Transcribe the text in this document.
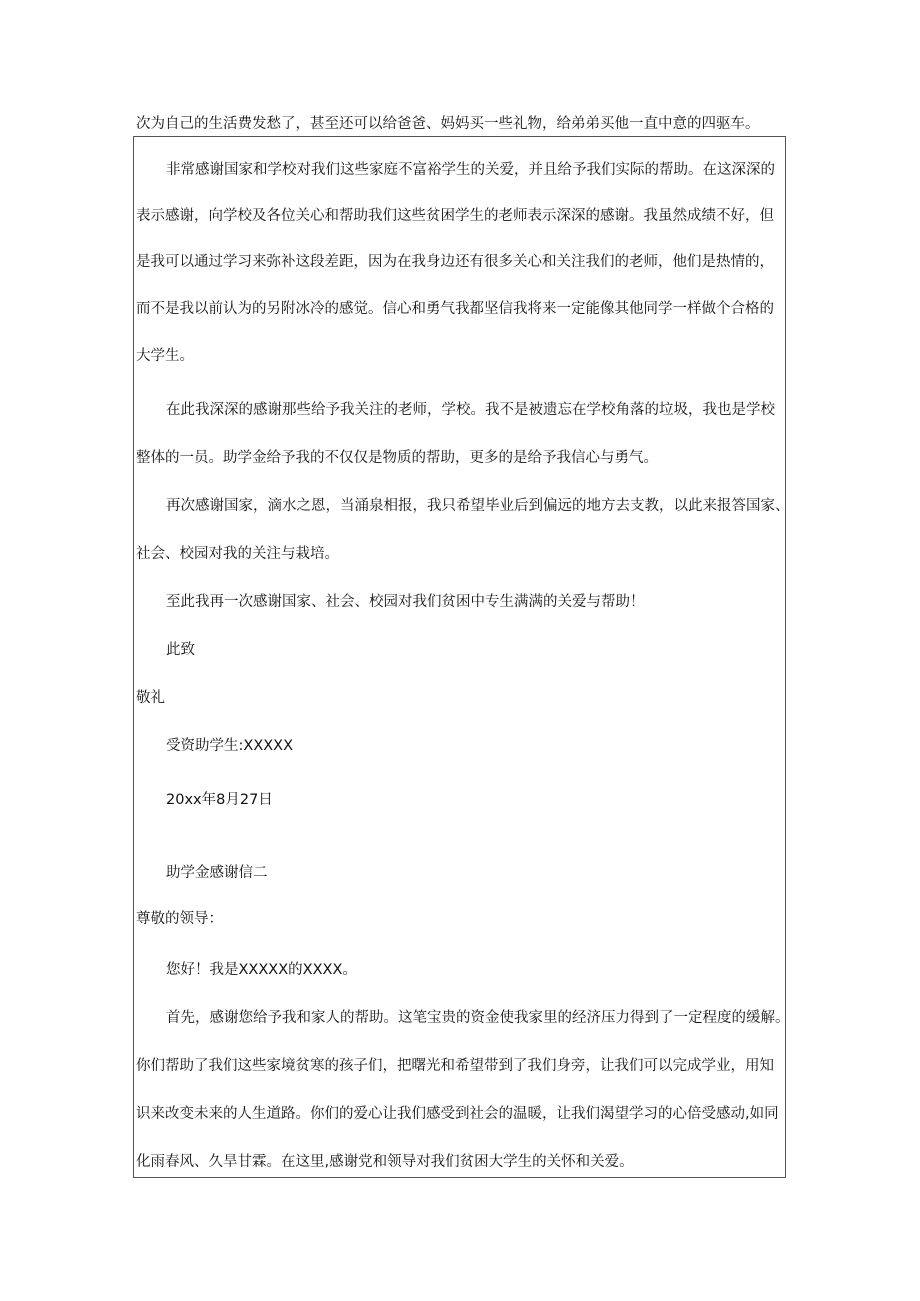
次为自己的生活费发愁了，甚至还可以给爸爸、妈妈买一些礼物，给弟弟买他一直中意的四驱车。
非常感谢国家和学校对我们这些家庭不富裕学生的关爱，并且给予我们实际的帮助。在这深深的
表示感谢，向学校及各位关心和帮助我们这些贫困学生的老师表示深深的感谢。我虽然成绩不好，但
是我可以通过学习来弥补这段差距，因为在我身边还有很多关心和关注我们的老师，他们是热情的，
而不是我以前认为的另附冰冷的感觉。信心和勇气我都坚信我将来一定能像其他同学一样做个合格的
大学生。
在此我深深的感谢那些给予我关注的老师，学校。我不是被遗忘在学校角落的垃圾，我也是学校
整体的一员。助学金给予我的不仅仅是物质的帮助，更多的是给予我信心与勇气。
再次感谢国家，滴水之恩，当涌泉相报，我只希望毕业后到偏远的地方去支教，以此来报答国家、
社会、校园对我的关注与栽培。
至此我再一次感谢国家、社会、校园对我们贫困中专生满满的关爱与帮助！
此致
敬礼
受资助学生:XXXXX
20xx年8月27日
助学金感谢信二
尊敬的领导：
您好！我是XXXXX的XXXX。
首先，感谢您给予我和家人的帮助。这笔宝贵的资金使我家里的经济压力得到了一定程度的缓解。
你们帮助了我们这些家境贫寒的孩子们，把曙光和希望带到了我们身旁，让我们可以完成学业，用知
识来改变未来的人生道路。你们的爱心让我们感受到社会的温暖，让我们渴望学习的心倍受感动,如同
化雨春风、久旱甘霖。在这里,感谢党和领导对我们贫困大学生的关怀和关爱。
